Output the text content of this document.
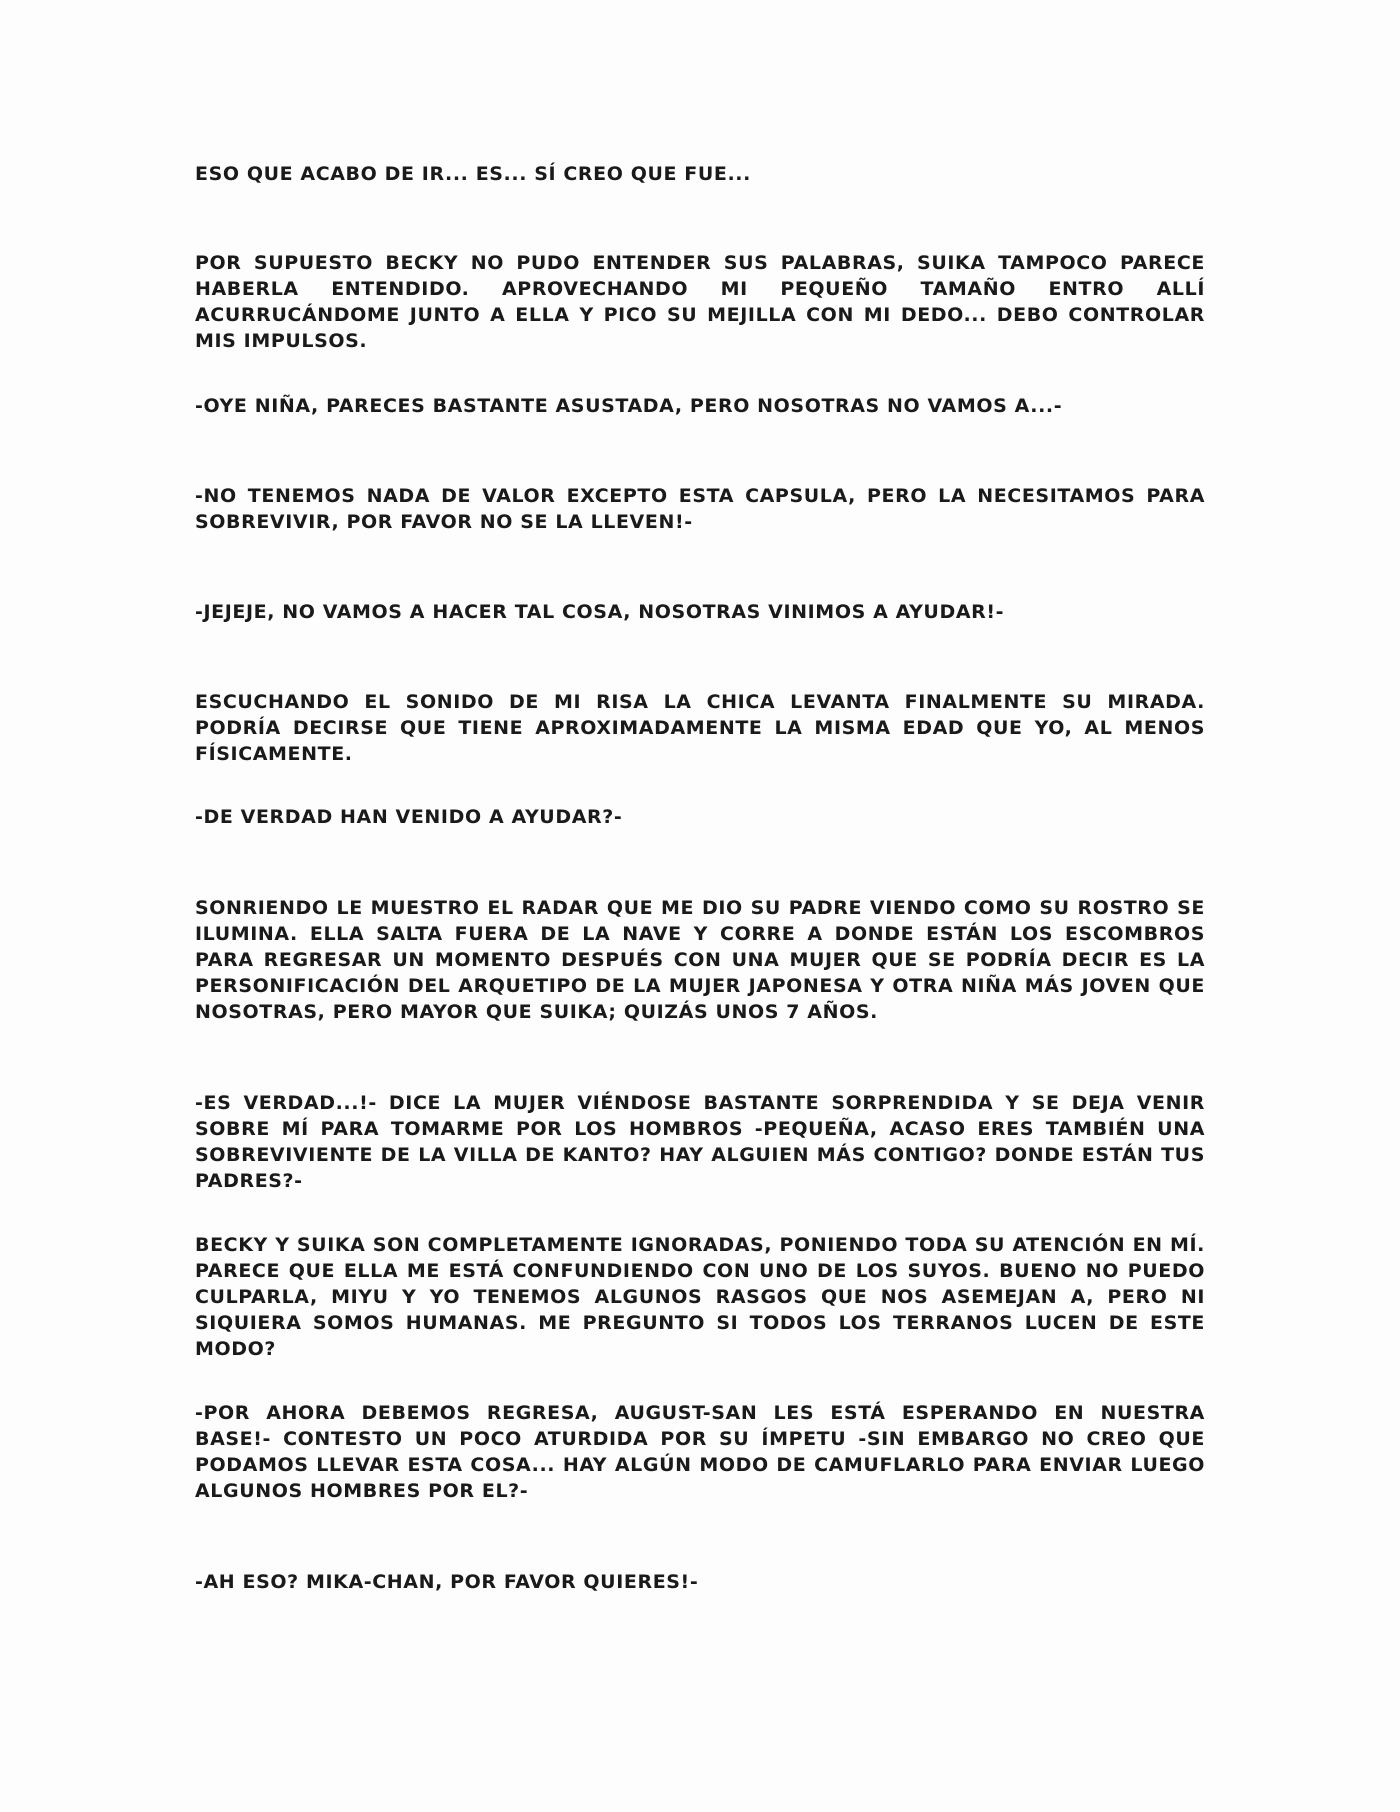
ESO QUE ACABO DE IR... ES... SÍ CREO QUE FUE...

POR SUPUESTO BECKY NO PUDO ENTENDER SUS PALABRAS, SUIKA TAMPOCO PARECE HABERLA ENTENDIDO. APROVECHANDO MI PEQUEÑO TAMAÑO ENTRO ALLÍ ACURRUCÁNDOME JUNTO A ELLA Y PICO SU MEJILLA CON MI DEDO... DEBO CONTROLAR MIS IMPULSOS.

-OYE NIÑA, PARECES BASTANTE ASUSTADA, PERO NOSOTRAS NO VAMOS A...-

-NO TENEMOS NADA DE VALOR EXCEPTO ESTA CAPSULA, PERO LA NECESITAMOS PARA SOBREVIVIR, POR FAVOR NO SE LA LLEVEN!-

-JEJEJE, NO VAMOS A HACER TAL COSA, NOSOTRAS VINIMOS A AYUDAR!-

ESCUCHANDO EL SONIDO DE MI RISA LA CHICA LEVANTA FINALMENTE SU MIRADA. PODRÍA DECIRSE QUE TIENE APROXIMADAMENTE LA MISMA EDAD QUE YO, AL MENOS FÍSICAMENTE.

-DE VERDAD HAN VENIDO A AYUDAR?-

SONRIENDO LE MUESTRO EL RADAR QUE ME DIO SU PADRE VIENDO COMO SU ROSTRO SE ILUMINA. ELLA SALTA FUERA DE LA NAVE Y CORRE A DONDE ESTÁN LOS ESCOMBROS PARA REGRESAR UN MOMENTO DESPUÉS CON UNA MUJER QUE SE PODRÍA DECIR ES LA PERSONIFICACIÓN DEL ARQUETIPO DE LA MUJER JAPONESA Y OTRA NIÑA MÁS JOVEN QUE NOSOTRAS, PERO MAYOR QUE SUIKA; QUIZÁS UNOS 7 AÑOS.

-ES VERDAD...!- DICE LA MUJER VIÉNDOSE BASTANTE SORPRENDIDA Y SE DEJA VENIR SOBRE MÍ PARA TOMARME POR LOS HOMBROS -PEQUEÑA, ACASO ERES TAMBIÉN UNA SOBREVIVIENTE DE LA VILLA DE KANTO? HAY ALGUIEN MÁS CONTIGO? DONDE ESTÁN TUS PADRES?-

BECKY Y SUIKA SON COMPLETAMENTE IGNORADAS, PONIENDO TODA SU ATENCIÓN EN MÍ. PARECE QUE ELLA ME ESTÁ CONFUNDIENDO CON UNO DE LOS SUYOS. BUENO NO PUEDO CULPARLA, MIYU Y YO TENEMOS ALGUNOS RASGOS QUE NOS ASEMEJAN A, PERO NI SIQUIERA SOMOS HUMANAS. ME PREGUNTO SI TODOS LOS TERRANOS LUCEN DE ESTE MODO?

-POR AHORA DEBEMOS REGRESA, AUGUST-SAN LES ESTÁ ESPERANDO EN NUESTRA BASE!- CONTESTO UN POCO ATURDIDA POR SU ÍMPETU -SIN EMBARGO NO CREO QUE PODAMOS LLEVAR ESTA COSA... HAY ALGÚN MODO DE CAMUFLARLO PARA ENVIAR LUEGO ALGUNOS HOMBRES POR EL?-

-AH ESO? MIKA-CHAN, POR FAVOR QUIERES!-
